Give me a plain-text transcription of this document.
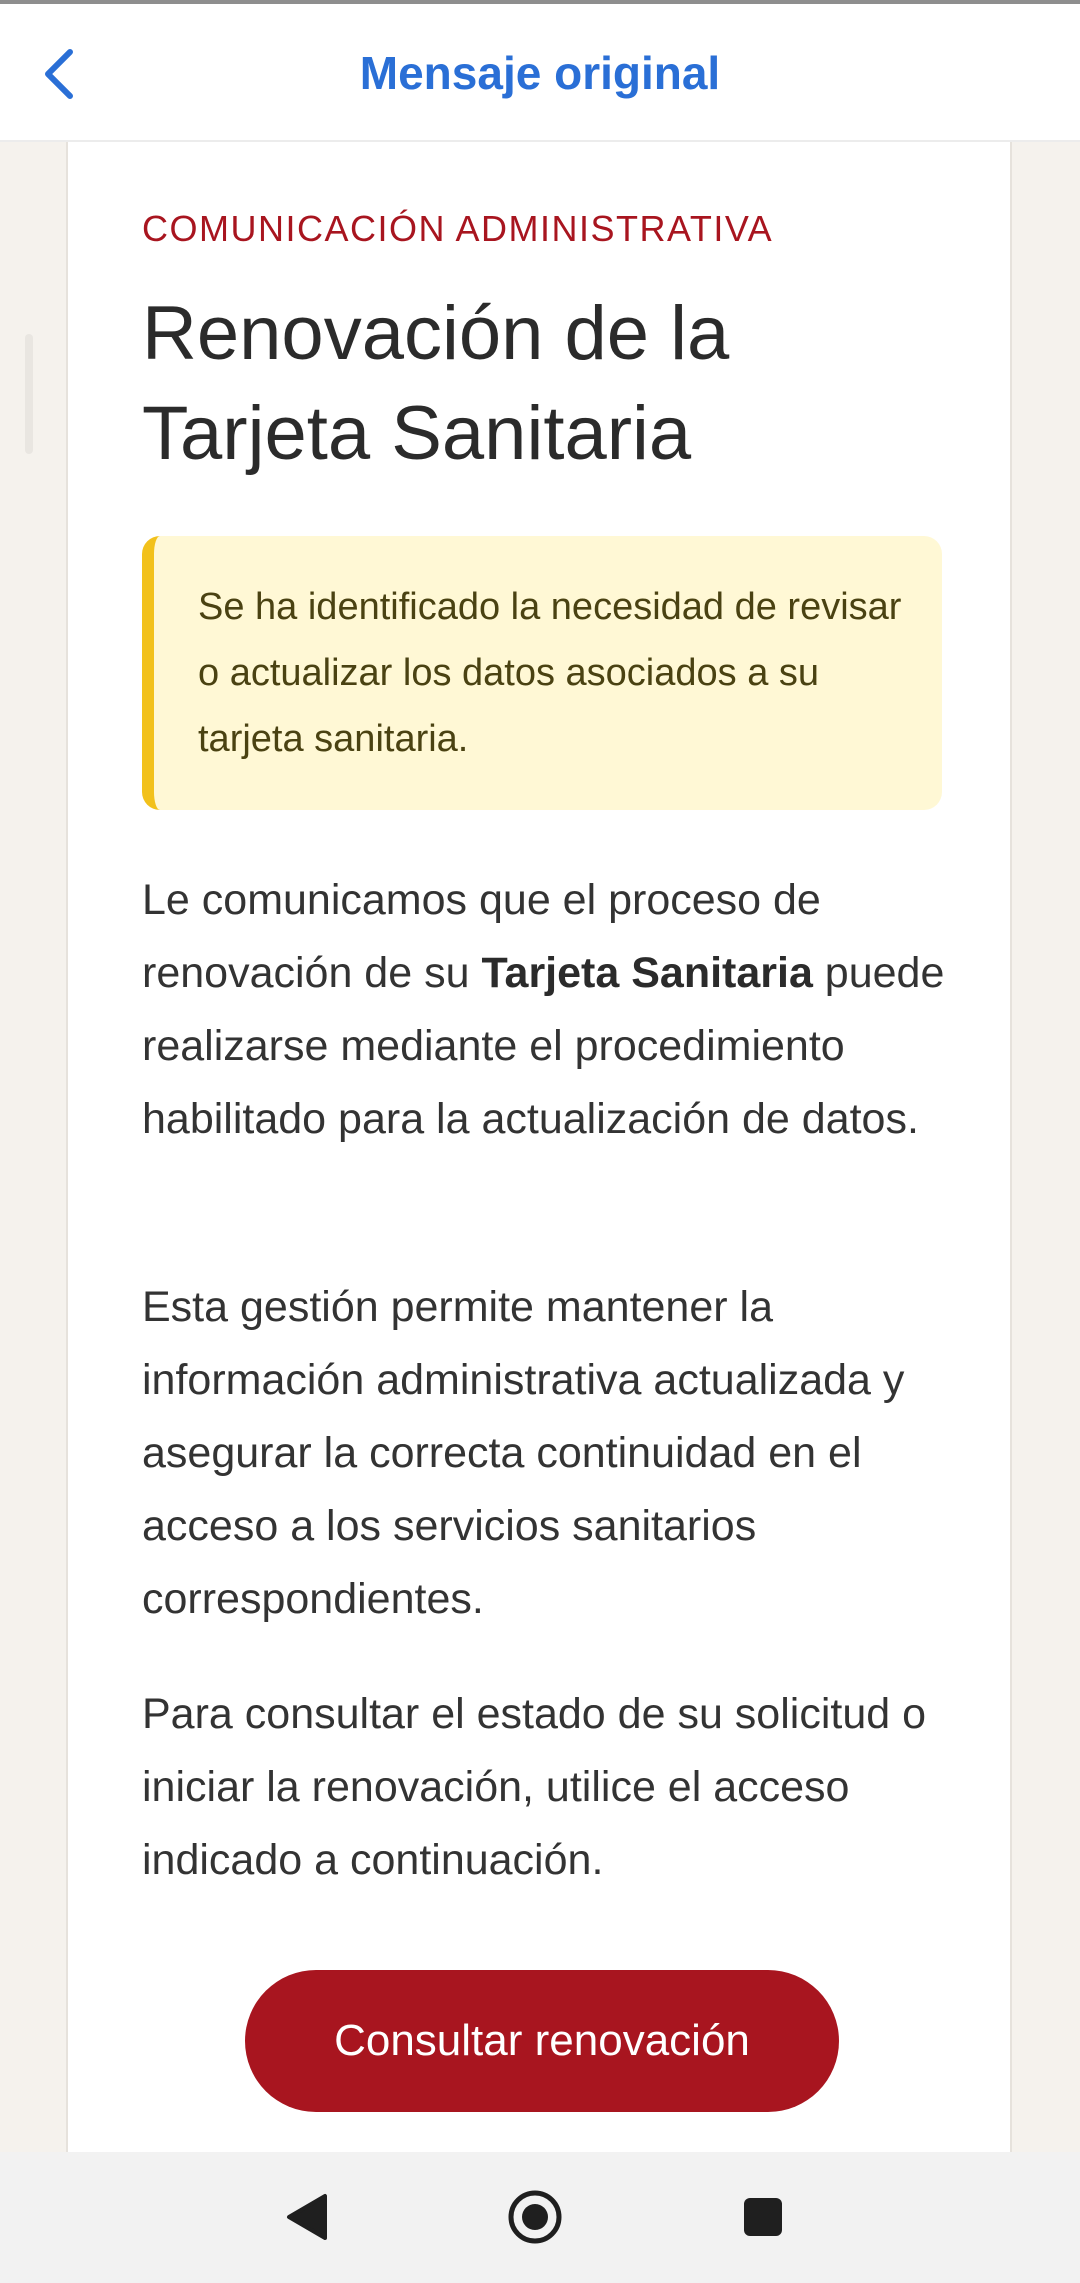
Mensaje original
COMUNICACIÓN ADMINISTRATIVA
Renovación de la Tarjeta Sanitaria
Se ha identificado la necesidad de revisar o actualizar los datos asociados a su tarjeta sanitaria.
Le comunicamos que el proceso de renovación de su Tarjeta Sanitaria puede realizarse mediante el procedimiento habilitado para la actualización de datos.
Esta gestión permite mantener la información administrativa actualizada y asegurar la correcta continuidad en el acceso a los servicios sanitarios correspondientes.
Para consultar el estado de su solicitud o iniciar la renovación, utilice el acceso indicado a continuación.
Consultar renovación
